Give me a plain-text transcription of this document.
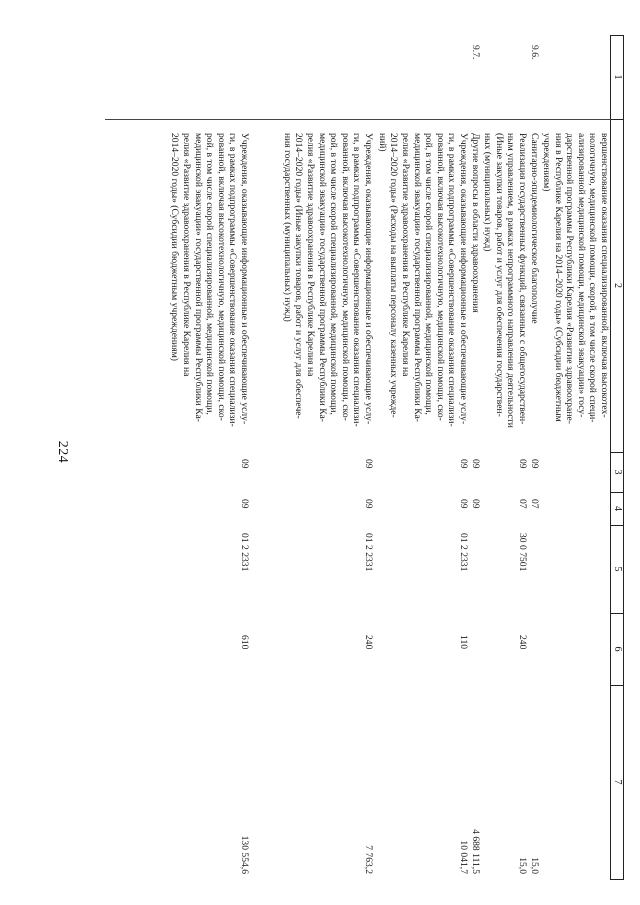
224
1
2
3
4
5
6
7
вершенствование оказания специализированной, включая высокотех-
нологичную, медицинской помощи, скорой, в том числе скорой специ-
ализированной медицинской помощи, медицинской эвакуации» госу-
дарственной программы Республики Карелия «Развитие здравоохране-
ния в Республике Карелия на 2014–2020 годы» (Субсидии бюджетным
учреждениям)
9.6.
Санитарно-эпидемиологическое благополучие
09
07
15,0
Реализация государственных функций, связанных с общегосударствен-
ным управлением, в рамках непрограммного направления деятельности
(Иные закупки товаров, работ и услуг для обеспечения государствен-
ных (муниципальных) нужд)
09
07
30 0 7501
240
15,0
9.7.
Другие вопросы в области здравоохранения
09
09
4 688 111,5
Учреждения, оказывающие информационные и обеспечивающие услу-
ги, в рамках подпрограммы «Совершенствование оказания специализи-
рованной, включая высокотехнологичную, медицинской помощи, ско-
рой, в том числе скорой специализированной, медицинской помощи,
медицинской эвакуации» государственной программы Республики Ка-
релия «Развитие здравоохранения в Республике Карелия на
2014–2020 годы» (Расходы на выплаты персоналу казенных учрежде-
ний)
09
09
01 2 2331
110
10 041,7
Учреждения, оказывающие информационные и обеспечивающие услу-
ги, в рамках подпрограммы «Совершенствование оказания специализи-
рованной, включая высокотехнологичную, медицинской помощи, ско-
рой, в том числе скорой специализированной, медицинской помощи,
медицинской эвакуации» государственной программы Республики Ка-
релия «Развитие здравоохранения в Республике Карелия на
2014–2020 годы» (Иные закупки товаров, работ и услуг для обеспече-
ния государственных (муниципальных) нужд)
09
09
01 2 2331
240
7 763,2
Учреждения, оказывающие информационные и обеспечивающие услу-
ги, в рамках подпрограммы «Совершенствование оказания специализи-
рованной, включая высокотехнологичную, медицинской помощи, ско-
рой, в том числе скорой специализированной, медицинской помощи,
медицинской эвакуации» государственной программы Республики Ка-
релия «Развитие здравоохранения в Республике Карелия на
2014–2020 годы» (Субсидии бюджетным учреждениям)
09
09
01 2 2331
610
130 554,6
